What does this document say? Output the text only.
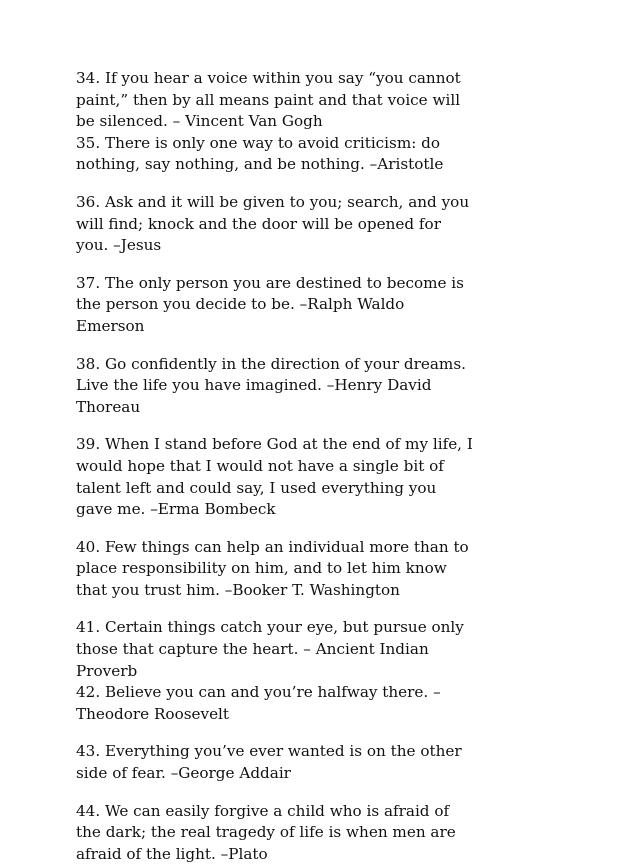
34. If you hear a voice within you say “you cannot paint,” then by all means paint and that voice will be silenced. – Vincent Van Gogh

35. There is only one way to avoid criticism: do nothing, say nothing, and be nothing. –Aristotle

36. Ask and it will be given to you; search, and you will find; knock and the door will be opened for you. –Jesus

37. The only person you are destined to become is the person you decide to be. –Ralph Waldo Emerson

38. Go confidently in the direction of your dreams. Live the life you have imagined. –Henry David Thoreau

39. When I stand before God at the end of my life, I would hope that I would not have a single bit of talent left and could say, I used everything you gave me. –Erma Bombeck

40. Few things can help an individual more than to place responsibility on him, and to let him know that you trust him. –Booker T. Washington

41. Certain things catch your eye, but pursue only those that capture the heart. – Ancient Indian Proverb

42. Believe you can and you’re halfway there. –Theodore Roosevelt

43. Everything you’ve ever wanted is on the other side of fear. –George Addair

44. We can easily forgive a child who is afraid of the dark; the real tragedy of life is when men are afraid of the light. –Plato
